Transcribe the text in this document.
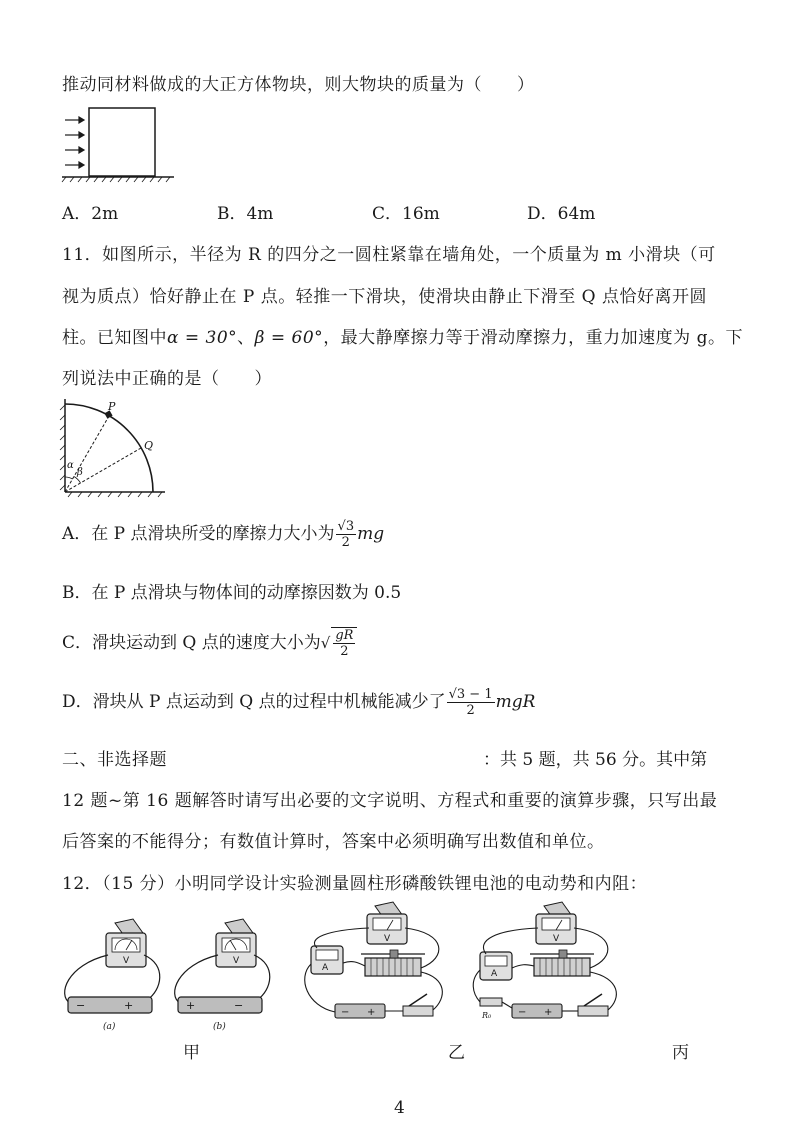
推动同材料做成的大正方体物块，则大物块的质量为（　　）
A．2m	B．4m	C．16m	D．64m
11．如图所示，半径为 R 的四分之一圆柱紧靠在墙角处，一个质量为 m 小滑块（可
视为质点）恰好静止在 P 点。轻推一下滑块，使滑块由静止下滑至 Q 点恰好离开圆
柱。已知图中α = 30°、β = 60°，最大静摩擦力等于滑动摩擦力，重力加速度为 g。下
列说法中正确的是（　　）
P
Q
α
β
A．在 P 点滑块所受的摩擦力大小为 $\frac{√3}{2}$ mg
B．在 P 点滑块与物体间的动摩擦因数为 0.5
C．滑块运动到 Q 点的速度大小为√ $\frac{gR}{2}$
D．滑块从 P 点运动到 Q 点的过程中机械能减少了 $\frac{√3 - 1}{2}$ mgR
二、非选择题	：共 5 题，共 56 分。其中第
12 题~第 16 题解答时请写出必要的文字说明、方程式和重要的演算步骤，只写出最
后答案的不能得分；有数值计算时，答案中必须明确写出数值和单位。
12．（15 分）小明同学设计实验测量圆柱形磷酸铁锂电池的电动势和内阻：
V
−	+
(a)
V
+	−
(b)
V
A
− +
V
A
R₀	− +
甲	乙	丙
4
